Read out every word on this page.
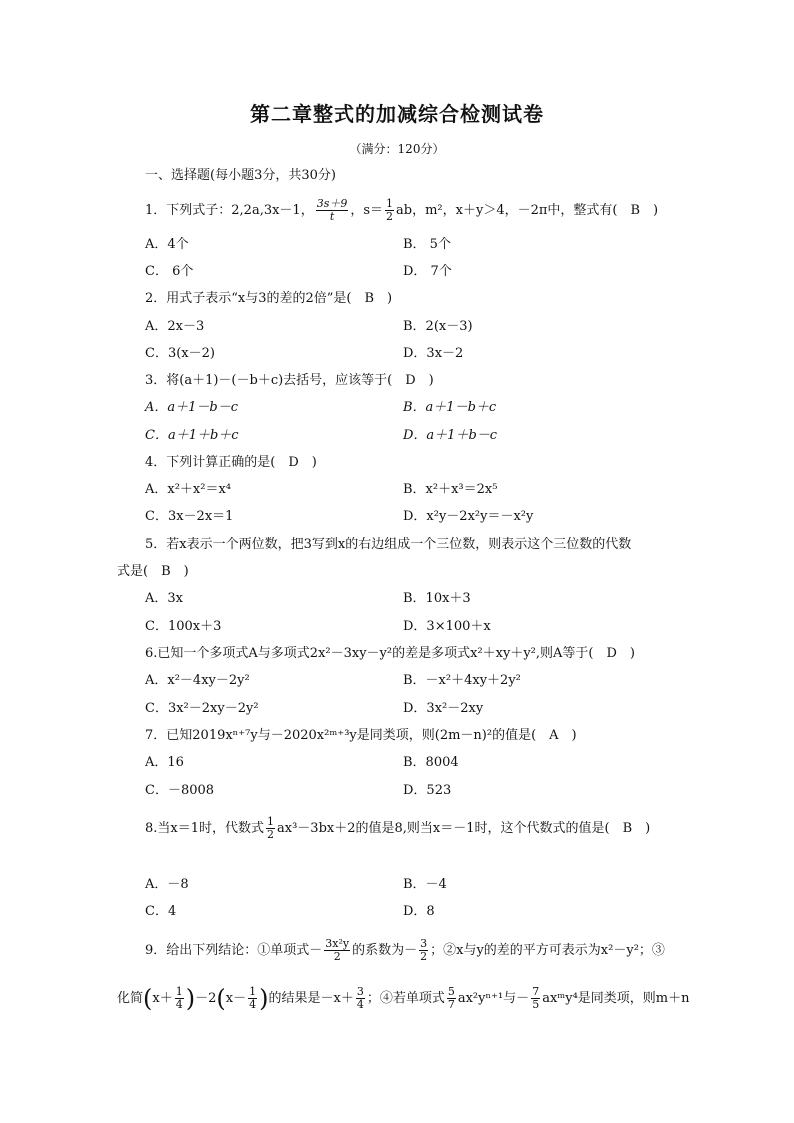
第二章整式的加减综合检测试卷
（满分：120分）
一、选择题(每小题3分，共30分)
1．下列式子：2,2a,3x－1， $\frac{3s+9}{t}$ ，$s= \frac{1}{2}$ ab，m²，x＋y＞4，－2π中，整式有(　B　)
A．4个	B． 5个
C． 6个	D． 7个
2．用式子表示“x与3的差的2倍”是(　B　)
A．2x－3	B．2(x－3)
C．3(x－2)	D．3x－2
3．将(a＋1)－(－b＋c)去括号，应该等于(　D　)
A．a＋1－b－c	B．a＋1－b＋c
C．a＋1＋b＋c	D．a＋1＋b－c
4．下列计算正确的是(　D　)
A．x²＋x²＝x⁴	B．x²＋x³＝2x⁵
C．3x－2x＝1	D．x²y－2x²y＝－x²y
5．若x表示一个两位数，把3写到x的右边组成一个三位数，则表示这个三位数的代数
式是(　B　)
A．3x	B．10x＋3
C．100x＋3	D．3×100＋x
6.已知一个多项式A与多项式2x²－3xy－y²的差是多项式x²＋xy＋y²,则A等于(　D　)
A．x²－4xy－2y²	B．－x²＋4xy＋2y²
C．3x²－2xy－2y²	D．3x²－2xy
7．已知2019xⁿ⁺⁷y与－2020x²ᵐ⁺³y是同类项，则(2m－n)²的值是(　A　)
A．16	B．8004
C．－8008	D．523
8.当x＝1时，代数式 $\frac{1}{2} ax^3-3bx+2$的值是8,则当x＝－1时，这个代数式的值是(　B　)
A．－8	B．－4
C．4	D．8
9．给出下列结论：①单项式－ $\frac{\text{3x²y}}{2}$ 的系数为－ $\frac{3}{2}$ ；②x与y的差的平方可表示为x²－y²；③
化简$(x+ \frac{1}{4} )-2(x- \frac{1}{4}$ )的结果是$-x+ \frac{3}{4}$ ；④若单项式 $\frac{5}{7} ax^2y^{n+1}$与－ $\frac{7}{5}$ axᵐy⁴是同类项，则m＋n
